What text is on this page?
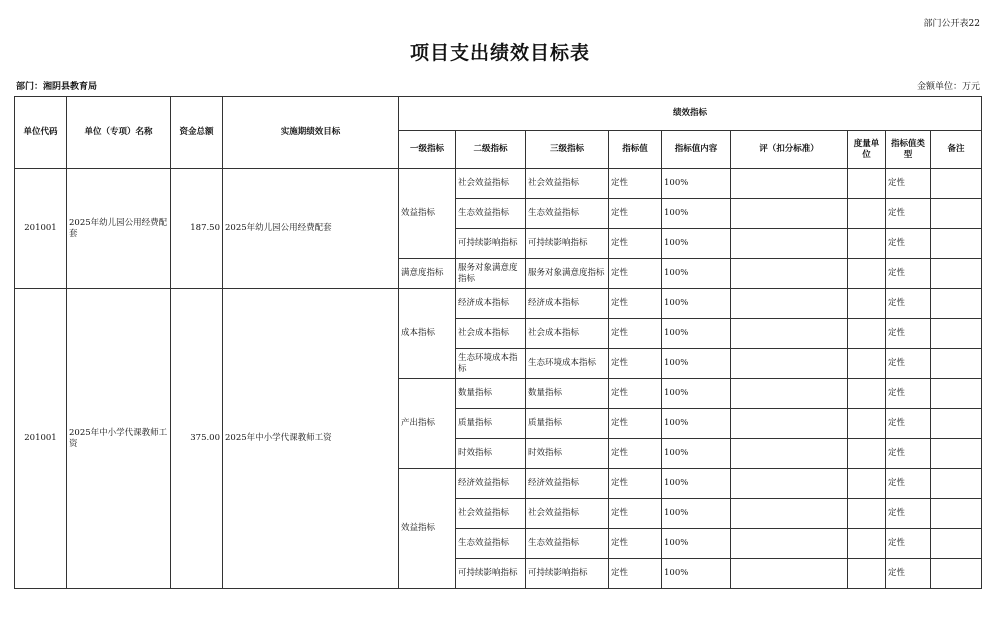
部门公开表22
项目支出绩效目标表
部门：湘阴县教育局	金额单位：万元
单位代码	单位（专项）名称	资金总额	实施期绩效目标	绩效指标								
				一级指标	二级指标	三级指标	指标值	指标值内容	评（扣分标准）	度量单位	指标值类型	备注
201001	2025年幼儿园公用经费配套	187.50	2025年幼儿园公用经费配套	效益指标	社会效益指标	社会效益指标	定性	100%			定性	
					生态效益指标	生态效益指标	定性	100%			定性	
					可持续影响指标	可持续影响指标	定性	100%			定性	
				满意度指标	服务对象满意度指标	服务对象满意度指标	定性	100%			定性	
201001	2025年中小学代课教师工资	375.00	2025年中小学代课教师工资	成本指标	经济成本指标	经济成本指标	定性	100%			定性	
					社会成本指标	社会成本指标	定性	100%			定性	
					生态环境成本指标	生态环境成本指标	定性	100%			定性	
				产出指标	数量指标	数量指标	定性	100%			定性	
					质量指标	质量指标	定性	100%			定性	
					时效指标	时效指标	定性	100%			定性	
				效益指标	经济效益指标	经济效益指标	定性	100%			定性	
					社会效益指标	社会效益指标	定性	100%			定性	
					生态效益指标	生态效益指标	定性	100%			定性	
					可持续影响指标	可持续影响指标	定性	100%			定性	
